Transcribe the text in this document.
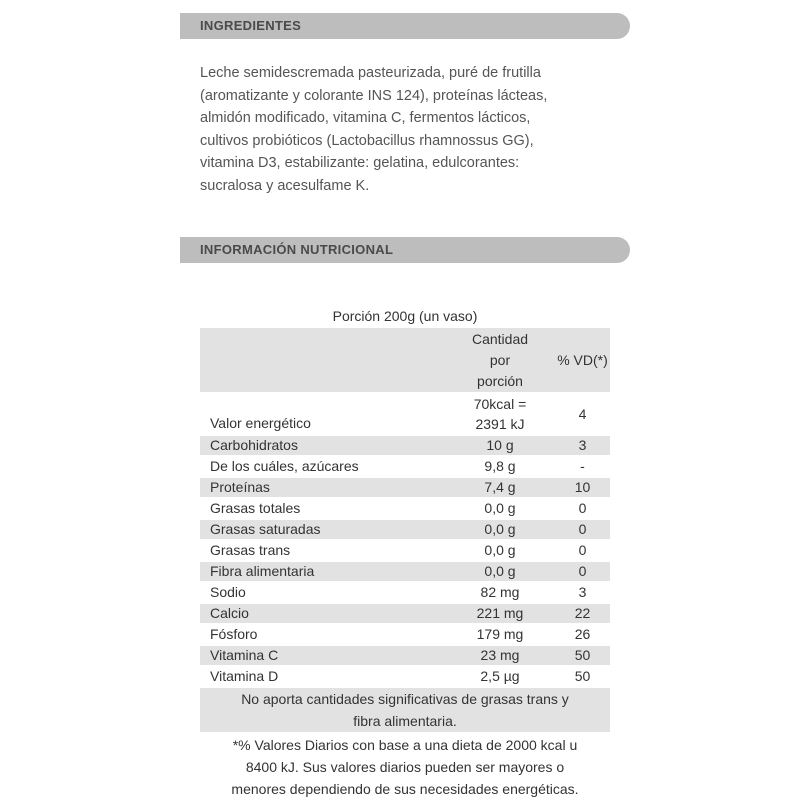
INGREDIENTES
Leche semidescremada pasteurizada, puré de frutilla
(aromatizante y colorante INS 124), proteínas lácteas,
almidón modificado, vitamina C, fermentos lácticos,
cultivos probióticos (Lactobacillus rhamnossus GG),
vitamina D3, estabilizante: gelatina, edulcorantes:
sucralosa y acesulfame K.
INFORMACIÓN NUTRICIONAL
Porción 200g (un vaso)

	Cantidad
por
porción	% VD(*)
Valor energético	70kcal =
2391 kJ	4
Carbohidratos	10 g	3
De los cuáles, azúcares	9,8 g	-
Proteínas	7,4 g	10
Grasas totales	0,0 g	0
Grasas saturadas	0,0 g	0
Grasas trans	0,0 g	0
Fibra alimentaria	0,0 g	0
Sodio	82 mg	3
Calcio	221 mg	22
Fósforo	179 mg	26
Vitamina C	23 mg	50
Vitamina D	2,5 µg	50

No aporta cantidades significativas de grasas trans y
fibra alimentaria.		
*% Valores Diarios con base a una dieta de 2000 kcal u
8400 kJ. Sus valores diarios pueden ser mayores o
menores dependiendo de sus necesidades energéticas.
